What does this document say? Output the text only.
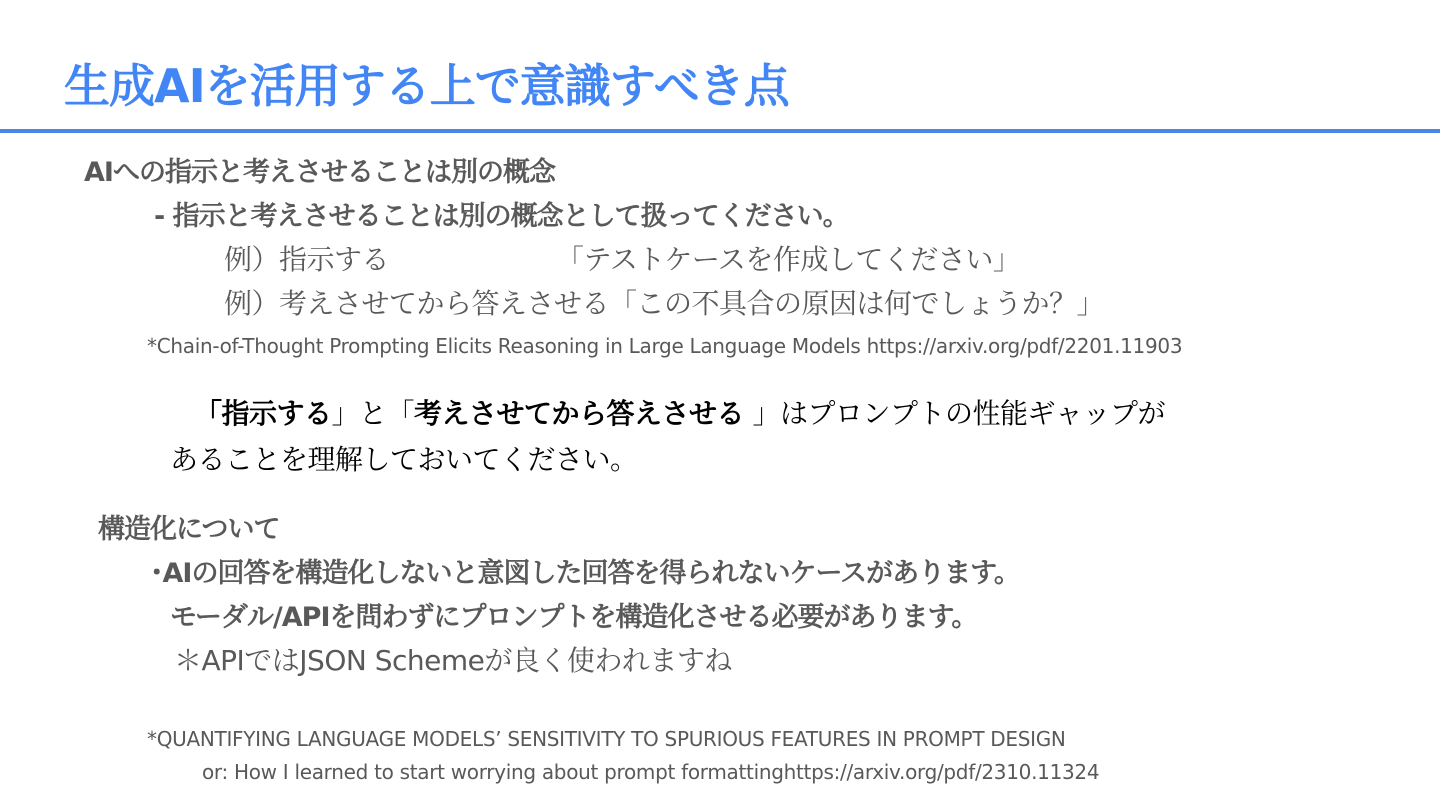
生成AIを活用する上で意識すべき点
AIへの指示と考えさせることは別の概念
- 指示と考えさせることは別の概念として扱ってください。
例）指示する	「テストケースを作成してください」
例）考えさせてから答えさせる「この不具合の原因は何でしょうか？」
*Chain-of-Thought Prompting Elicits Reasoning in Large Language Models https://arxiv.org/pdf/2201.11903
「指示する」と「考えさせてから答えさせる 」はプロンプトの性能ギャップが
あることを理解しておいてください。
構造化について
･AIの回答を構造化しないと意図した回答を得られないケースがあります。
モーダル/APIを問わずにプロンプトを構造化させる必要があります。
＊APIではJSON Schemeが良く使われますね
*QUANTIFYING LANGUAGE MODELS’ SENSITIVITY TO SPURIOUS FEATURES IN PROMPT DESIGN
or: How I learned to start worrying about prompt formattinghttps://arxiv.org/pdf/2310.11324
